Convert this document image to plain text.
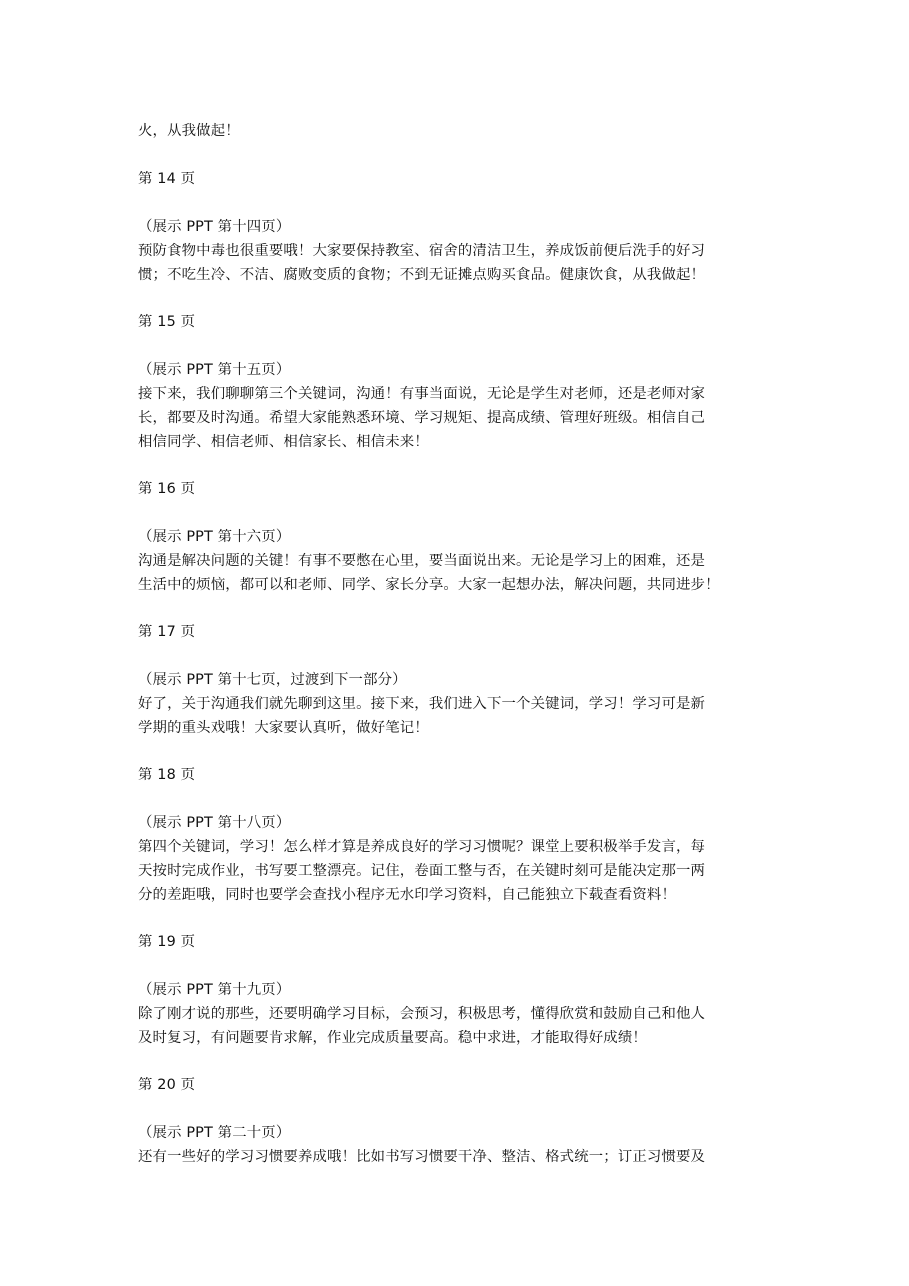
火，从我做起！
第 14 页
（展示 PPT 第十四页）
预防食物中毒也很重要哦！大家要保持教室、宿舍的清洁卫生，养成饭前便后洗手的好习
惯；不吃生冷、不洁、腐败变质的食物；不到无证摊点购买食品。健康饮食，从我做起！
第 15 页
（展示 PPT 第十五页）
接下来，我们聊聊第三个关键词，沟通！有事当面说，无论是学生对老师，还是老师对家
长，都要及时沟通。希望大家能熟悉环境、学习规矩、提高成绩、管理好班级。相信自己
相信同学、相信老师、相信家长、相信未来！
第 16 页
（展示 PPT 第十六页）
沟通是解决问题的关键！有事不要憋在心里，要当面说出来。无论是学习上的困难，还是
生活中的烦恼，都可以和老师、同学、家长分享。大家一起想办法，解决问题，共同进步！
第 17 页
（展示 PPT 第十七页，过渡到下一部分）
好了，关于沟通我们就先聊到这里。接下来，我们进入下一个关键词，学习！学习可是新
学期的重头戏哦！大家要认真听，做好笔记！
第 18 页
（展示 PPT 第十八页）
第四个关键词，学习！怎么样才算是养成良好的学习习惯呢？课堂上要积极举手发言，每
天按时完成作业，书写要工整漂亮。记住，卷面工整与否，在关键时刻可是能决定那一两
分的差距哦，同时也要学会查找小程序无水印学习资料，自己能独立下载查看资料！
第 19 页
（展示 PPT 第十九页）
除了刚才说的那些，还要明确学习目标，会预习，积极思考，懂得欣赏和鼓励自己和他人
及时复习，有问题要肯求解，作业完成质量要高。稳中求进，才能取得好成绩！
第 20 页
（展示 PPT 第二十页）
还有一些好的学习习惯要养成哦！比如书写习惯要干净、整洁、格式统一；订正习惯要及
